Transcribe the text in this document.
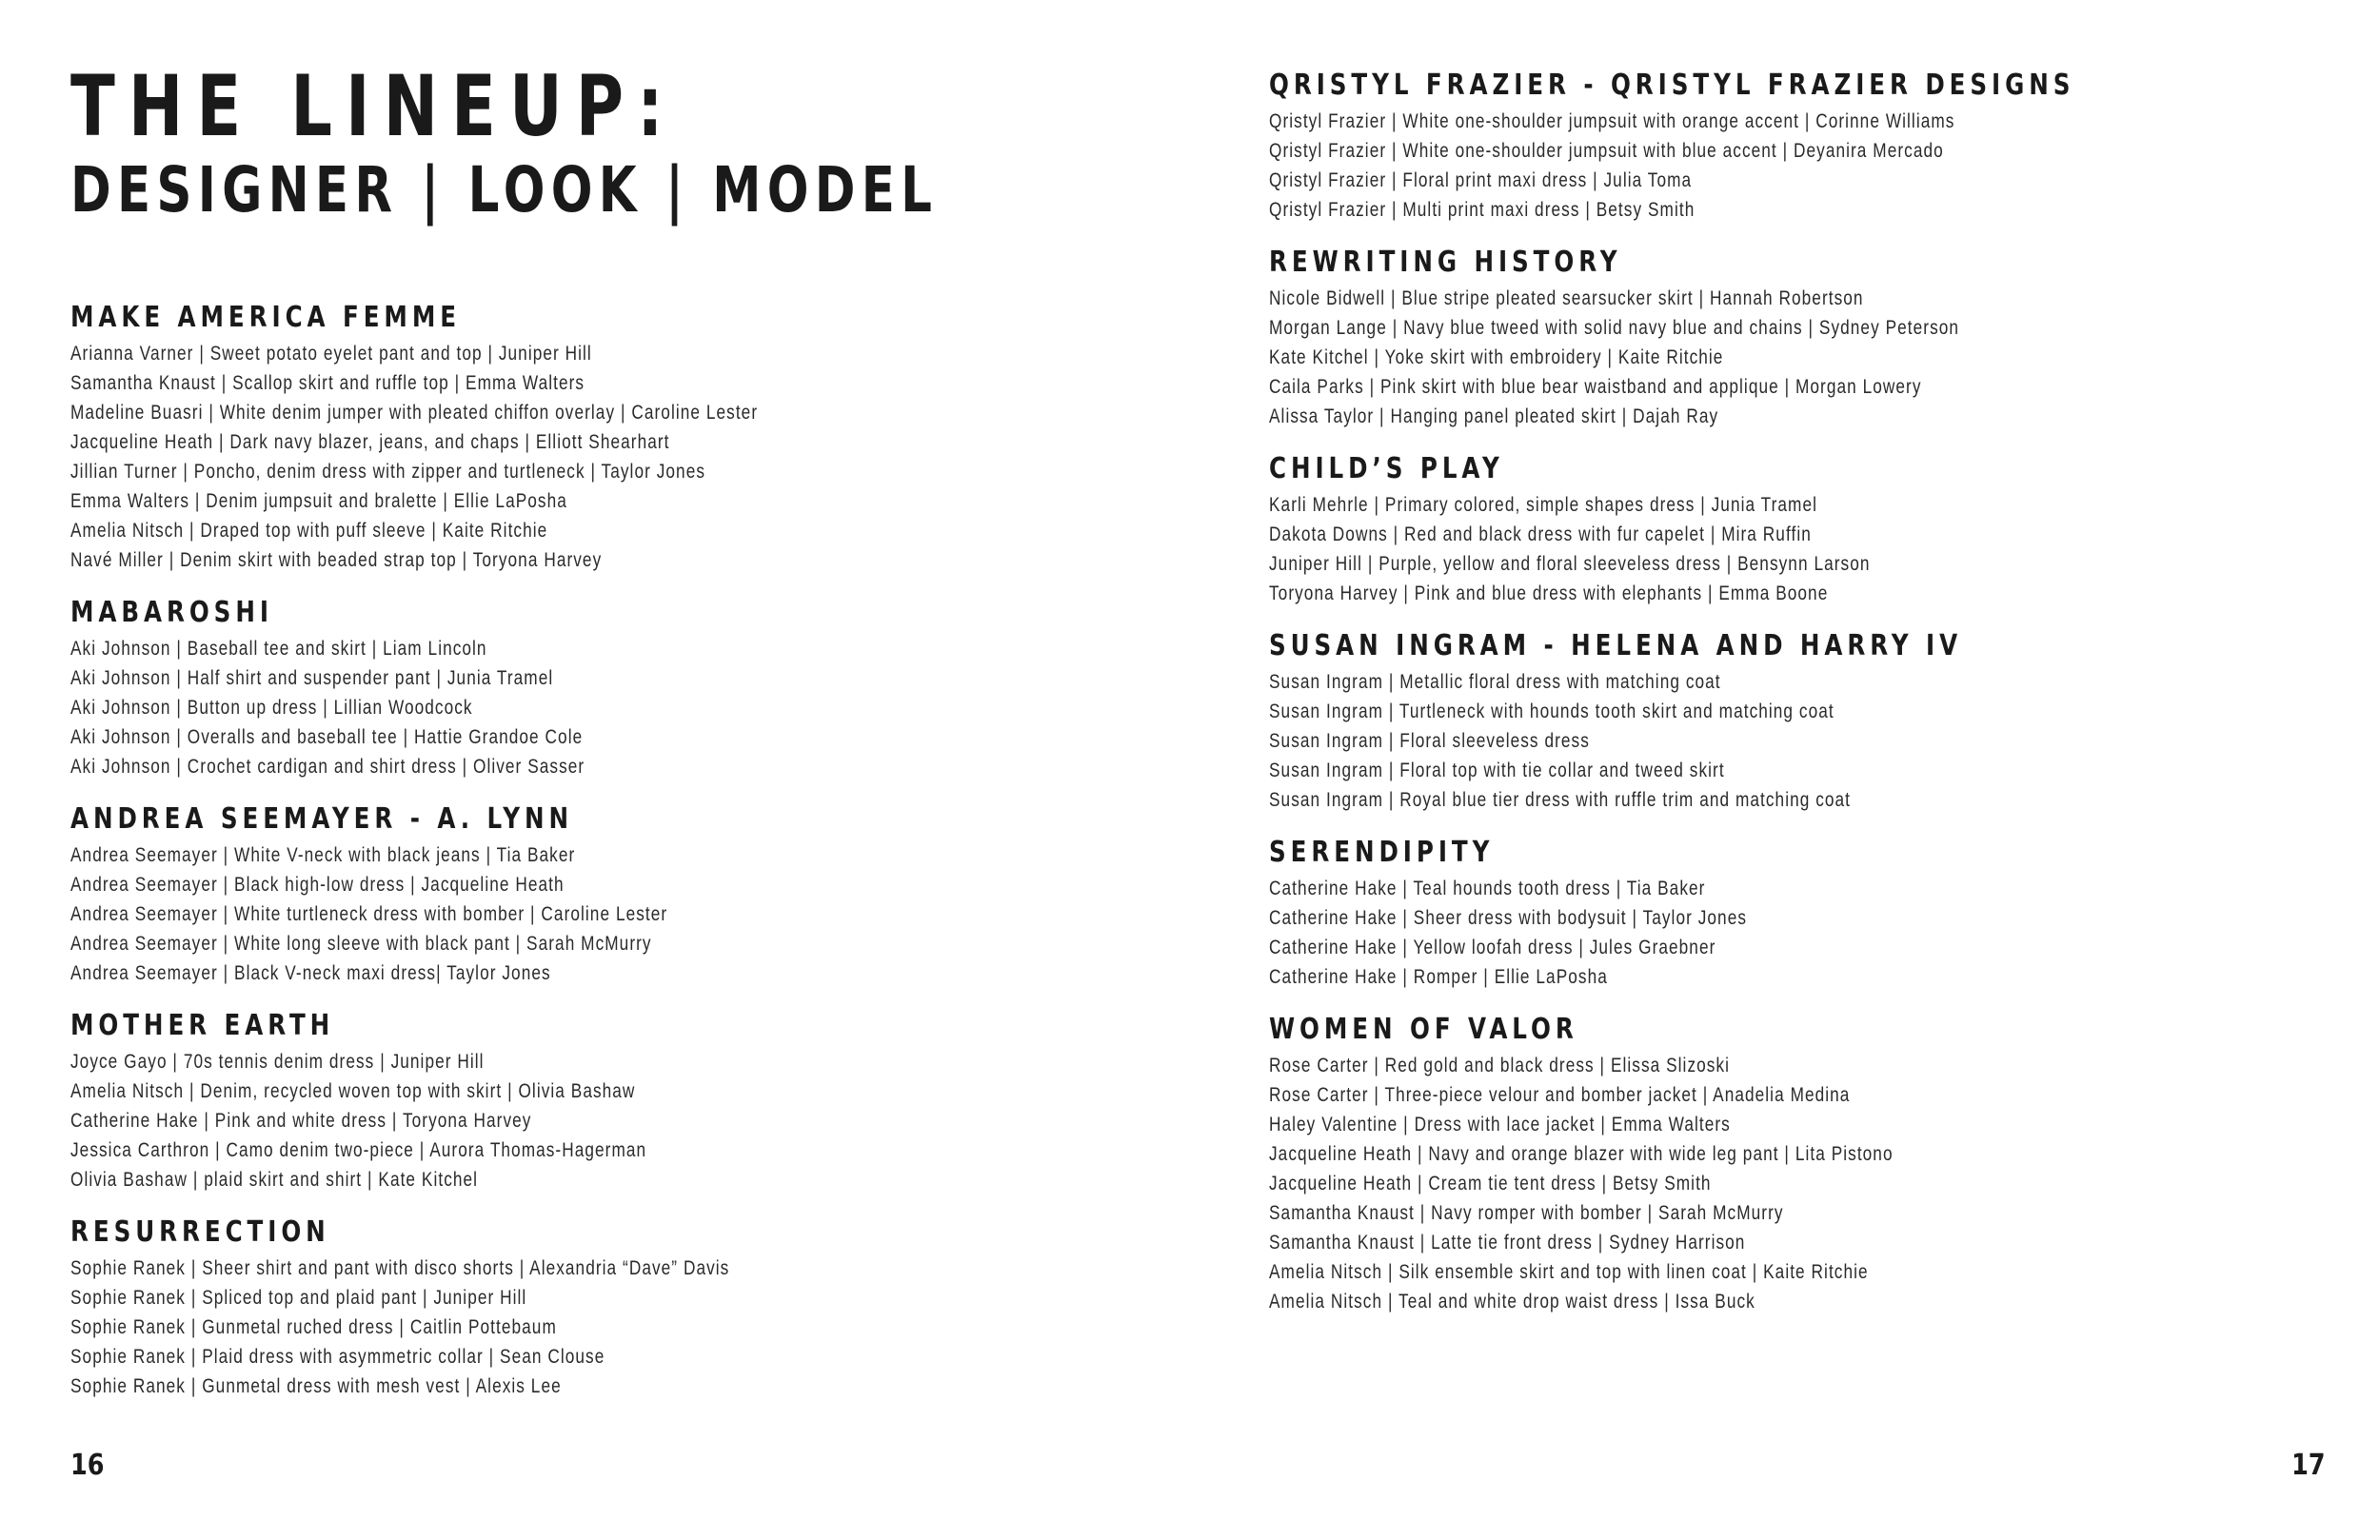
THE LINEUP:
DESIGNER | LOOK | MODEL
MAKE AMERICA FEMME
Arianna Varner | Sweet potato eyelet pant and top | Juniper Hill
Samantha Knaust | Scallop skirt and ruffle top | Emma Walters
Madeline Buasri | White denim jumper with pleated chiffon overlay | Caroline Lester
Jacqueline Heath | Dark navy blazer, jeans, and chaps | Elliott Shearhart
Jillian Turner | Poncho, denim dress with zipper and turtleneck | Taylor Jones
Emma Walters | Denim jumpsuit and bralette | Ellie LaPosha
Amelia Nitsch | Draped top with puff sleeve | Kaite Ritchie
Navé Miller | Denim skirt with beaded strap top | Toryona Harvey
MABAROSHI
Aki Johnson | Baseball tee and skirt | Liam Lincoln
Aki Johnson | Half shirt and suspender pant | Junia Tramel
Aki Johnson | Button up dress | Lillian Woodcock
Aki Johnson | Overalls and baseball tee | Hattie Grandoe Cole
Aki Johnson | Crochet cardigan and shirt dress | Oliver Sasser
ANDREA SEEMAYER - A. LYNN
Andrea Seemayer | White V-neck with black jeans | Tia Baker
Andrea Seemayer | Black high-low dress | Jacqueline Heath
Andrea Seemayer | White turtleneck dress with bomber | Caroline Lester
Andrea Seemayer | White long sleeve with black pant | Sarah McMurry
Andrea Seemayer | Black V-neck maxi dress| Taylor Jones
MOTHER EARTH
Joyce Gayo | 70s tennis denim dress | Juniper Hill
Amelia Nitsch | Denim, recycled woven top with skirt | Olivia Bashaw
Catherine Hake | Pink and white dress | Toryona Harvey
Jessica Carthron | Camo denim two-piece | Aurora Thomas-Hagerman
Olivia Bashaw | plaid skirt and shirt | Kate Kitchel
RESURRECTION
Sophie Ranek | Sheer shirt and pant with disco shorts | Alexandria “Dave” Davis
Sophie Ranek | Spliced top and plaid pant | Juniper Hill
Sophie Ranek | Gunmetal ruched dress | Caitlin Pottebaum
Sophie Ranek | Plaid dress with asymmetric collar | Sean Clouse
Sophie Ranek | Gunmetal dress with mesh vest | Alexis Lee
16
QRISTYL FRAZIER - QRISTYL FRAZIER DESIGNS
Qristyl Frazier | White one-shoulder jumpsuit with orange accent | Corinne Williams
Qristyl Frazier | White one-shoulder jumpsuit with blue accent | Deyanira Mercado
Qristyl Frazier | Floral print maxi dress | Julia Toma
Qristyl Frazier | Multi print maxi dress | Betsy Smith
REWRITING HISTORY
Nicole Bidwell | Blue stripe pleated searsucker skirt | Hannah Robertson
Morgan Lange | Navy blue tweed with solid navy blue and chains | Sydney Peterson
Kate Kitchel | Yoke skirt with embroidery | Kaite Ritchie
Caila Parks | Pink skirt with blue bear waistband and applique | Morgan Lowery
Alissa Taylor | Hanging panel pleated skirt | Dajah Ray
CHILD’S PLAY
Karli Mehrle | Primary colored, simple shapes dress | Junia Tramel
Dakota Downs | Red and black dress with fur capelet | Mira Ruffin
Juniper Hill | Purple, yellow and floral sleeveless dress | Bensynn Larson
Toryona Harvey | Pink and blue dress with elephants | Emma Boone
SUSAN INGRAM - HELENA AND HARRY IV
Susan Ingram | Metallic floral dress with matching coat
Susan Ingram | Turtleneck with hounds tooth skirt and matching coat
Susan Ingram | Floral sleeveless dress
Susan Ingram | Floral top with tie collar and tweed skirt
Susan Ingram | Royal blue tier dress with ruffle trim and matching coat
SERENDIPITY
Catherine Hake | Teal hounds tooth dress | Tia Baker
Catherine Hake | Sheer dress with bodysuit | Taylor Jones
Catherine Hake | Yellow loofah dress | Jules Graebner
Catherine Hake | Romper | Ellie LaPosha
WOMEN OF VALOR
Rose Carter | Red gold and black dress | Elissa Slizoski
Rose Carter | Three-piece velour and bomber jacket | Anadelia Medina
Haley Valentine | Dress with lace jacket | Emma Walters
Jacqueline Heath | Navy and orange blazer with wide leg pant | Lita Pistono
Jacqueline Heath | Cream tie tent dress | Betsy Smith
Samantha Knaust | Navy romper with bomber | Sarah McMurry
Samantha Knaust | Latte tie front dress | Sydney Harrison
Amelia Nitsch | Silk ensemble skirt and top with linen coat | Kaite Ritchie
Amelia Nitsch | Teal and white drop waist dress | Issa Buck
17
